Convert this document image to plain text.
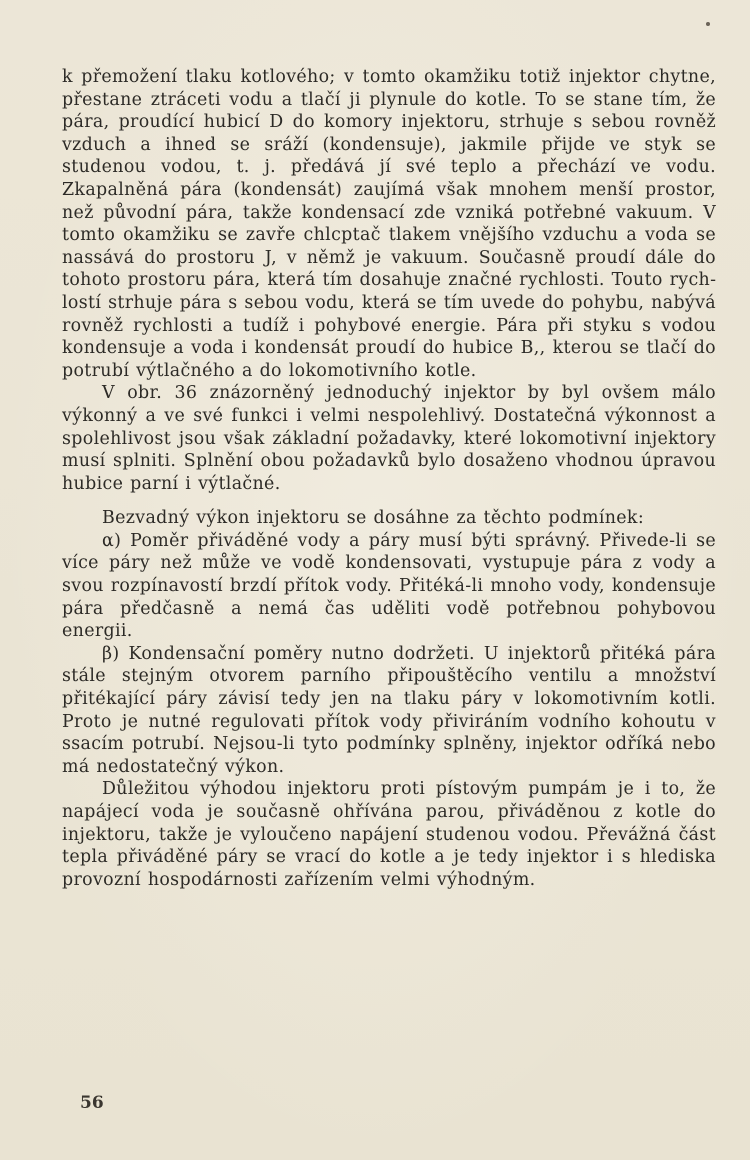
k přemožení tlaku kotlového; v tomto okamžiku totiž injektor chytne, přestane ztráceti vodu a tlačí ji plynule do kotle. To se stane tím, že pára, proudící hubicí D do komory injektoru, strhuje s sebou rovněž vzduch a ihned se sráží (kondensuje), jakmile přijde ve styk se studenou vodou, t. j. předává jí své teplo a přechází ve vodu. Zkapalněná pára (kondensát) zaujímá však mnohem menší prostor, než původní pára, takže kondensací zde vzniká potřebné vakuum. V tomto okamžiku se zavře chlcptač tlakem vnějšího vzduchu a voda se nassává do prostoru J, v němž je vakuum. Současně proudí dále do tohoto prostoru pára, která tím dosahuje značné rychlosti. Touto rychlostí strhuje pára s sebou vodu, která se tím uvede do pohybu, nabývá rovněž rychlosti a tudíž i pohybové energie. Pára při styku s vodou kondensuje a voda i kondensát proudí do hubice B,, kterou se tlačí do potrubí výtlačného a do lokomotivního kotle.

V obr. 36 znázorněný jednoduchý injektor by byl ovšem málo výkonný a ve své funkci i velmi nespolehlivý. Dostatečná výkonnost a spolehlivost jsou však základní požadavky, které lokomotivní injektory musí splniti. Splnění obou požadavků bylo dosaženo vhodnou úpravou hubice parní i výtlačné.

Bezvadný výkon injektoru se dosáhne za těchto podmínek:

α) Poměr přiváděné vody a páry musí býti správný. Přivede-li se více páry než může ve vodě kondensovati, vystupuje pára z vody a svou rozpínavostí brzdí přítok vody. Přitéká-li mnoho vody, kondensuje pára předčasně a nemá čas uděliti vodě potřebnou pohybovou energii.

β) Kondensační poměry nutno dodržeti. U injektorů přitéká pára stále stejným otvorem parního připouštěcího ventilu a množství přitékající páry závisí tedy jen na tlaku páry v lokomotivním kotli. Proto je nutné regulovati přítok vody přiviráním vodního kohoutu v ssacím potrubí. Nejsou-li tyto podmínky splněny, injektor odříká nebo má nedostatečný výkon.

Důležitou výhodou injektoru proti pístovým pumpám je i to, že napájecí voda je současně ohřívána parou, přiváděnou z kotle do injektoru, takže je vyloučeno napájení studenou vodou. Převážná část tepla přiváděné páry se vrací do kotle a je tedy injektor i s hlediska provozní hospodárnosti zařízením velmi výhodným.

56
